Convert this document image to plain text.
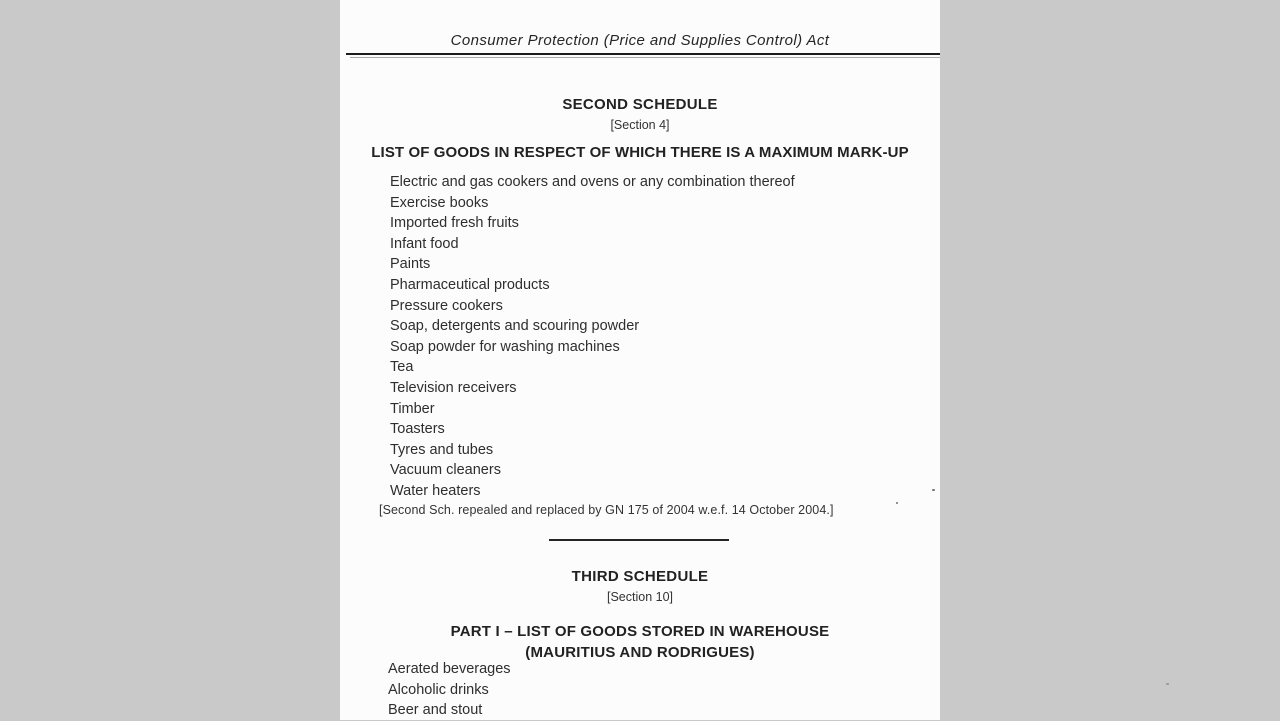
Consumer Protection (Price and Supplies Control) Act
SECOND SCHEDULE
[Section 4]
LIST OF GOODS IN RESPECT OF WHICH THERE IS A MAXIMUM MARK-UP
Electric and gas cookers and ovens or any combination thereof
Exercise books
Imported fresh fruits
Infant food
Paints
Pharmaceutical products
Pressure cookers
Soap, detergents and scouring powder
Soap powder for washing machines
Tea
Television receivers
Timber
Toasters
Tyres and tubes
Vacuum cleaners
Water heaters
[Second Sch. repealed and replaced by GN 175 of 2004 w.e.f. 14 October 2004.]
THIRD SCHEDULE
[Section 10]
PART I – LIST OF GOODS STORED IN WAREHOUSE
(MAURITIUS AND RODRIGUES)
Aerated beverages
Alcoholic drinks
Beer and stout
